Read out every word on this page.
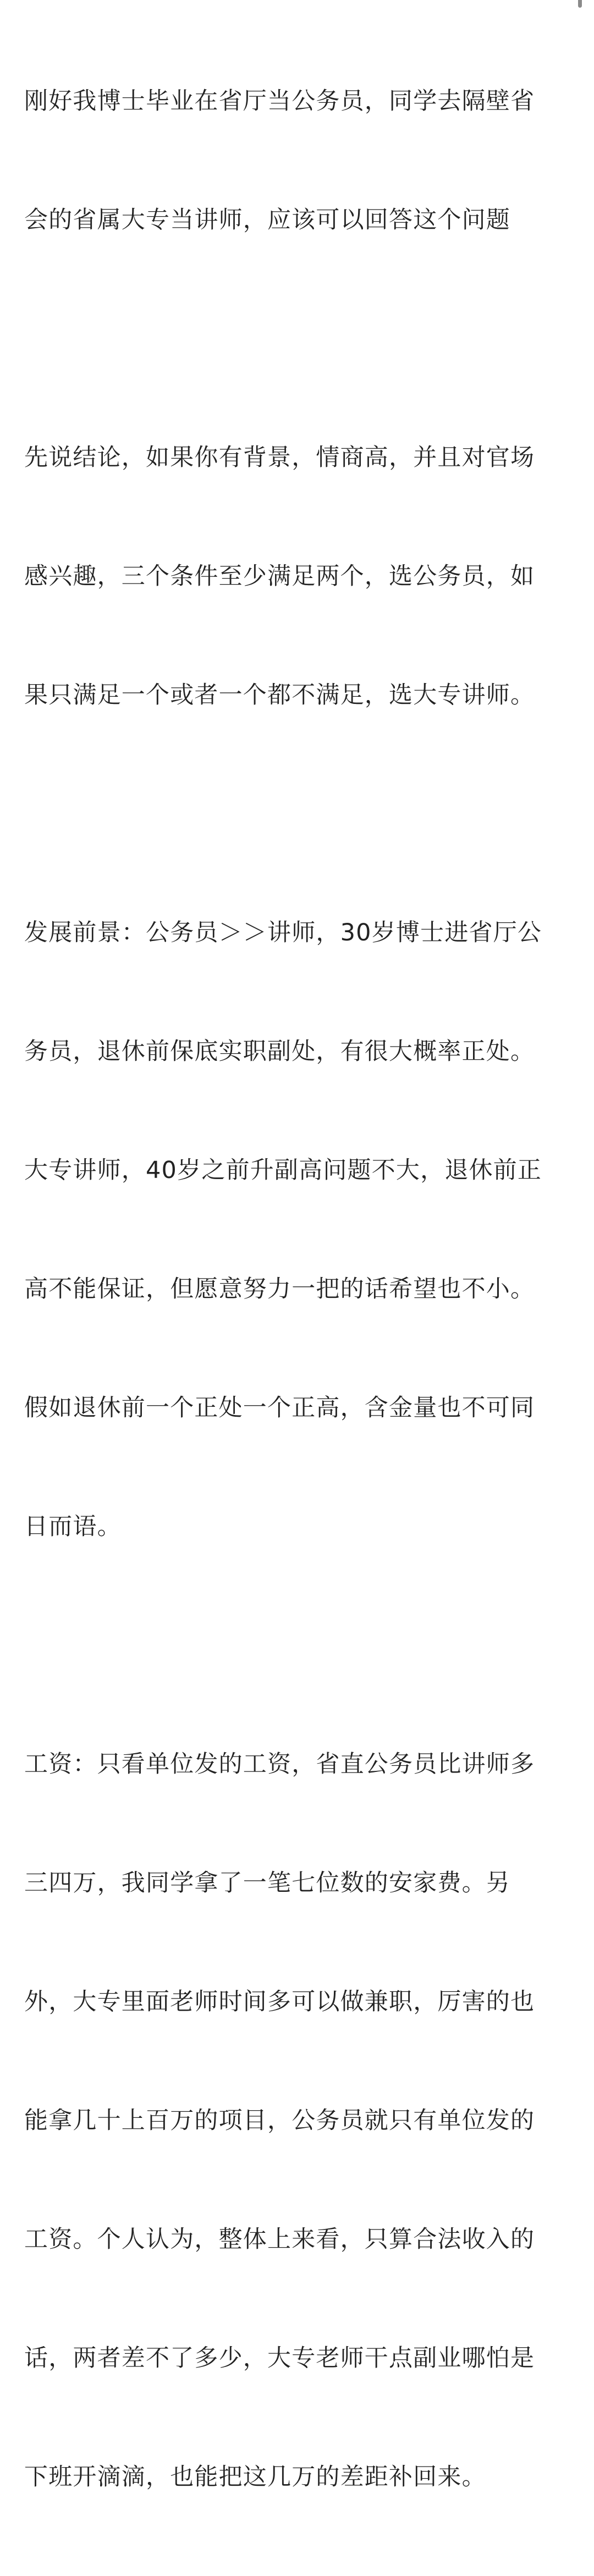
刚好我博士毕业在省厅当公务员，同学去隔壁省

会的省属大专当讲师，应该可以回答这个问题

先说结论，如果你有背景，情商高，并且对官场

感兴趣，三个条件至少满足两个，选公务员，如

果只满足一个或者一个都不满足，选大专讲师。

发展前景：公务员＞＞讲师，30岁博士进省厅公

务员，退休前保底实职副处，有很大概率正处。

大专讲师，40岁之前升副高问题不大，退休前正

高不能保证，但愿意努力一把的话希望也不小。

假如退休前一个正处一个正高，含金量也不可同

日而语。

工资：只看单位发的工资，省直公务员比讲师多

三四万，我同学拿了一笔七位数的安家费。另

外，大专里面老师时间多可以做兼职，厉害的也

能拿几十上百万的项目，公务员就只有单位发的

工资。个人认为，整体上来看，只算合法收入的

话，两者差不了多少，大专老师干点副业哪怕是

下班开滴滴，也能把这几万的差距补回来。
